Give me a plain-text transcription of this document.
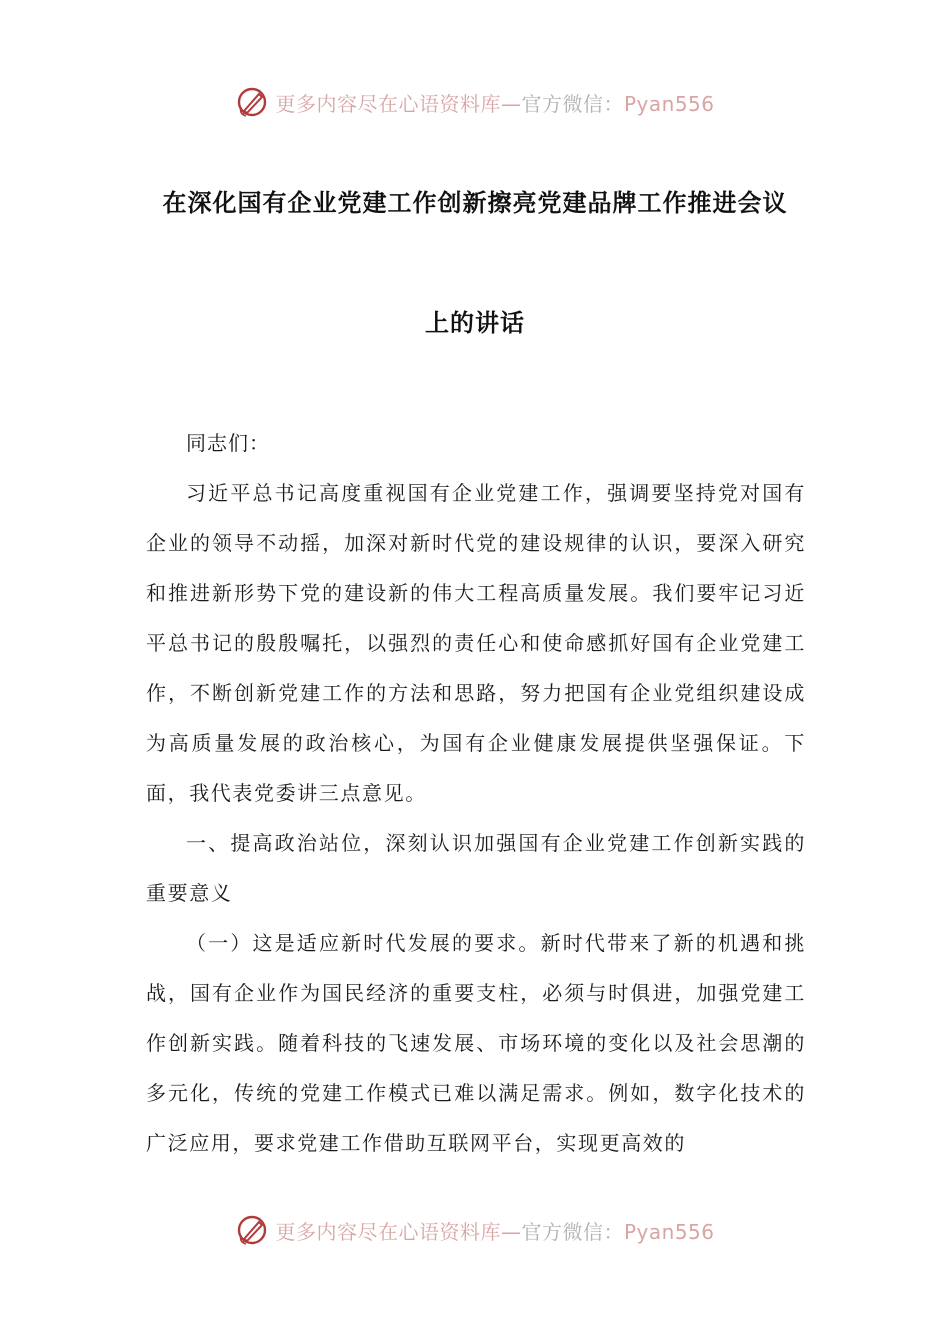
更多内容尽在心语资料库—官方微信：Pyan556
在深化国有企业党建工作创新擦亮党建品牌工作推进会议
上的讲话

同志们：

习近平总书记高度重视国有企业党建工作，强调要坚持党对国有企业的领导不动摇，加深对新时代党的建设规律的认识，要深入研究和推进新形势下党的建设新的伟大工程高质量发展。我们要牢记习近平总书记的殷殷嘱托，以强烈的责任心和使命感抓好国有企业党建工作，不断创新党建工作的方法和思路，努力把国有企业党组织建设成为高质量发展的政治核心，为国有企业健康发展提供坚强保证。下面，我代表党委讲三点意见。

一、提高政治站位，深刻认识加强国有企业党建工作创新实践的重要意义

（一）这是适应新时代发展的要求。新时代带来了新的机遇和挑战，国有企业作为国民经济的重要支柱，必须与时俱进，加强党建工作创新实践。随着科技的飞速发展、市场环境的变化以及社会思潮的多元化，传统的党建工作模式已难以满足需求。例如，数字化技术的广泛应用，要求党建工作借助互联网平台，实现更高效的

更多内容尽在心语资料库—官方微信：Pyan556
